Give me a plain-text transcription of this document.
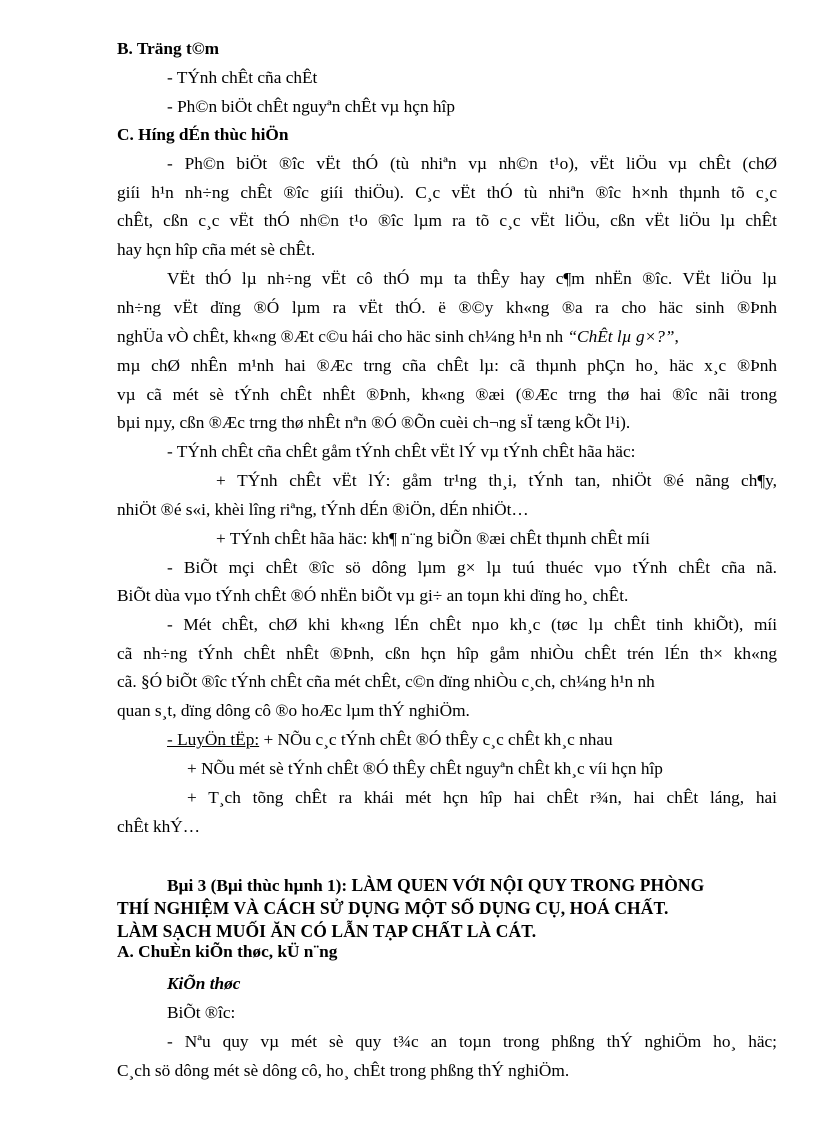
B. Träng t©m
- TÝnh chÊt cña chÊt
- Ph©n biÖt chÊt nguyªn chÊt vµ hçn hîp
C. Híng dÉn thùc hiÖn
- Ph©n biÖt ®îc vËt thÓ (tù nhiªn vµ nh©n t¹o), vËt liÖu vµ chÊt (chØ
giíi h¹n nh÷ng chÊt ®îc giíi thiÖu). C¸c vËt thÓ tù nhiªn ®îc h×nh thµnh tõ c¸c
chÊt, cßn c¸c vËt thÓ nh©n t¹o ®îc lµm ra tõ c¸c vËt liÖu, cßn vËt liÖu lµ chÊt
hay hçn hîp cña mét sè chÊt.
VËt thÓ lµ nh÷ng vËt cô thÓ mµ ta thÊy hay c¶m nhËn ®îc. VËt liÖu lµ
nh÷ng vËt dïng ®Ó lµm ra vËt thÓ. ë ®©y kh«ng ®a ra cho häc sinh ®Þnh
nghÜa vÒ chÊt, kh«ng ®Æt c©u hái cho häc sinh ch¼ng h¹n nh “ChÊt lµ g×?”,
mµ chØ nhÊn m¹nh hai ®Æc trng cña chÊt lµ: cã thµnh phÇn ho¸ häc x¸c ®Þnh
vµ cã mét sè tÝnh chÊt nhÊt ®Þnh, kh«ng ®æi (®Æc trng thø hai ®îc nãi trong
bµi nµy, cßn ®Æc trng thø nhÊt nªn ®Ó ®Õn cuèi ch¬ng sÏ tæng kÕt l¹i).
- TÝnh chÊt cña chÊt gåm tÝnh chÊt vËt lÝ vµ tÝnh chÊt hãa häc:
+ TÝnh chÊt vËt lÝ: gåm tr¹ng th¸i, tÝnh tan, nhiÖt ®é nãng ch¶y,
nhiÖt ®é s«i, khèi lîng riªng, tÝnh dÉn ®iÖn, dÉn nhiÖt…
+ TÝnh chÊt hãa häc: kh¶ n¨ng biÕn ®æi chÊt thµnh chÊt míi
- BiÕt mçi chÊt ®îc sö dông lµm g× lµ tuú thuéc vµo tÝnh chÊt cña nã.
BiÕt dùa vµo tÝnh chÊt ®Ó nhËn biÕt vµ gi÷ an toµn khi dïng ho¸ chÊt.
- Mét chÊt, chØ khi kh«ng lÉn chÊt nµo kh¸c (tøc lµ chÊt tinh khiÕt), míi
cã nh÷ng tÝnh chÊt nhÊt ®Þnh, cßn hçn hîp gåm nhiÒu chÊt trén lÉn th× kh«ng
cã. §Ó biÕt ®îc tÝnh chÊt cña mét chÊt, c©n dïng nhiÒu c¸ch, ch¼ng h¹n nh
quan s¸t, dïng dông cô ®o hoÆc lµm thÝ nghiÖm.
- LuyÖn tËp: + NÕu c¸c tÝnh chÊt ®Ó thÊy c¸c chÊt kh¸c nhau
+ NÕu mét sè tÝnh chÊt ®Ó thÊy chÊt nguyªn chÊt kh¸c víi hçn hîp
+ T¸ch tõng chÊt ra khái mét hçn hîp hai chÊt r¾n, hai chÊt láng, hai
chÊt khÝ…
Bµi 3 (Bµi thùc hµnh 1): LÀM QUEN VỚI NỘI QUY TRONG PHÒNG
THÍ NGHIỆM VÀ CÁCH SỬ DỤNG MỘT SỐ DỤNG CỤ, HOÁ CHẤT.
LÀM SẠCH MUỐI ĂN CÓ LẪN TẠP CHẤT LÀ CÁT.
A. ChuÈn kiÕn thøc, kÜ n¨ng
KiÕn thøc
BiÕt ®îc:
- Nªu quy vµ mét sè quy t¾c an toµn trong phßng thÝ nghiÖm ho¸ häc;
C¸ch sö dông mét sè dông cô, ho¸ chÊt trong phßng thÝ nghiÖm.
